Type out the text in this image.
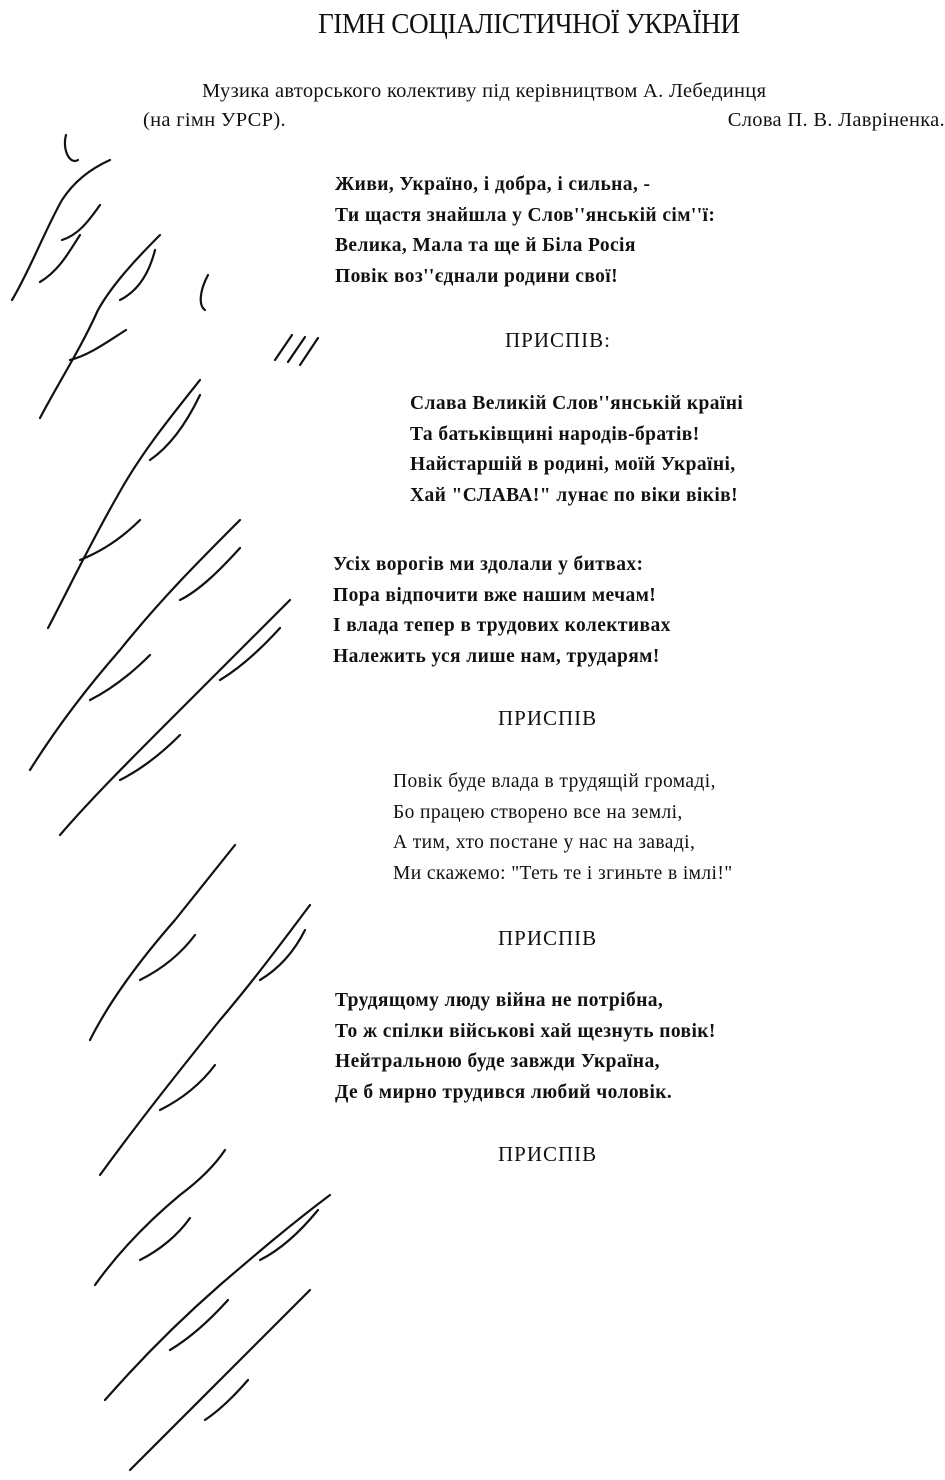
ГІМН СОЦІАЛІСТИЧНОЇ УКРАЇНИ
Музика авторського колективу під керівництвом А. Лебединця
(на гімн УРСР).	Слова П. В. Лавріненка.
Живи, Україно, і добра, і сильна, -
Ти щастя знайшла у Слов''янській сім''ї:
Велика, Мала та ще й Біла Росія
Повік воз''єднали родини свої!
ПРИСПІВ:
Слава Великій Слов''янській країні
Та батьківщині народів-братів!
Найстаршій в родині, моїй Україні,
Хай "СЛАВА!" лунає по віки віків!
Усіх ворогів ми здолали у битвах:
Пора відпочити вже нашим мечам!
І влада тепер в трудових колективах
Належить уся лише нам, трударям!
ПРИСПІВ
Повік буде влада в трудящій громаді,
Бо працею створено все на землі,
А тим, хто постане у нас на заваді,
Ми скажемо: "Теть те і згиньте в імлі!"
ПРИСПІВ
Трудящому люду війна не потрібна,
То ж спілки військові хай щезнуть повік!
Нейтральною буде завжди Україна,
Де б мирно трудився любий чоловік.
ПРИСПІВ
